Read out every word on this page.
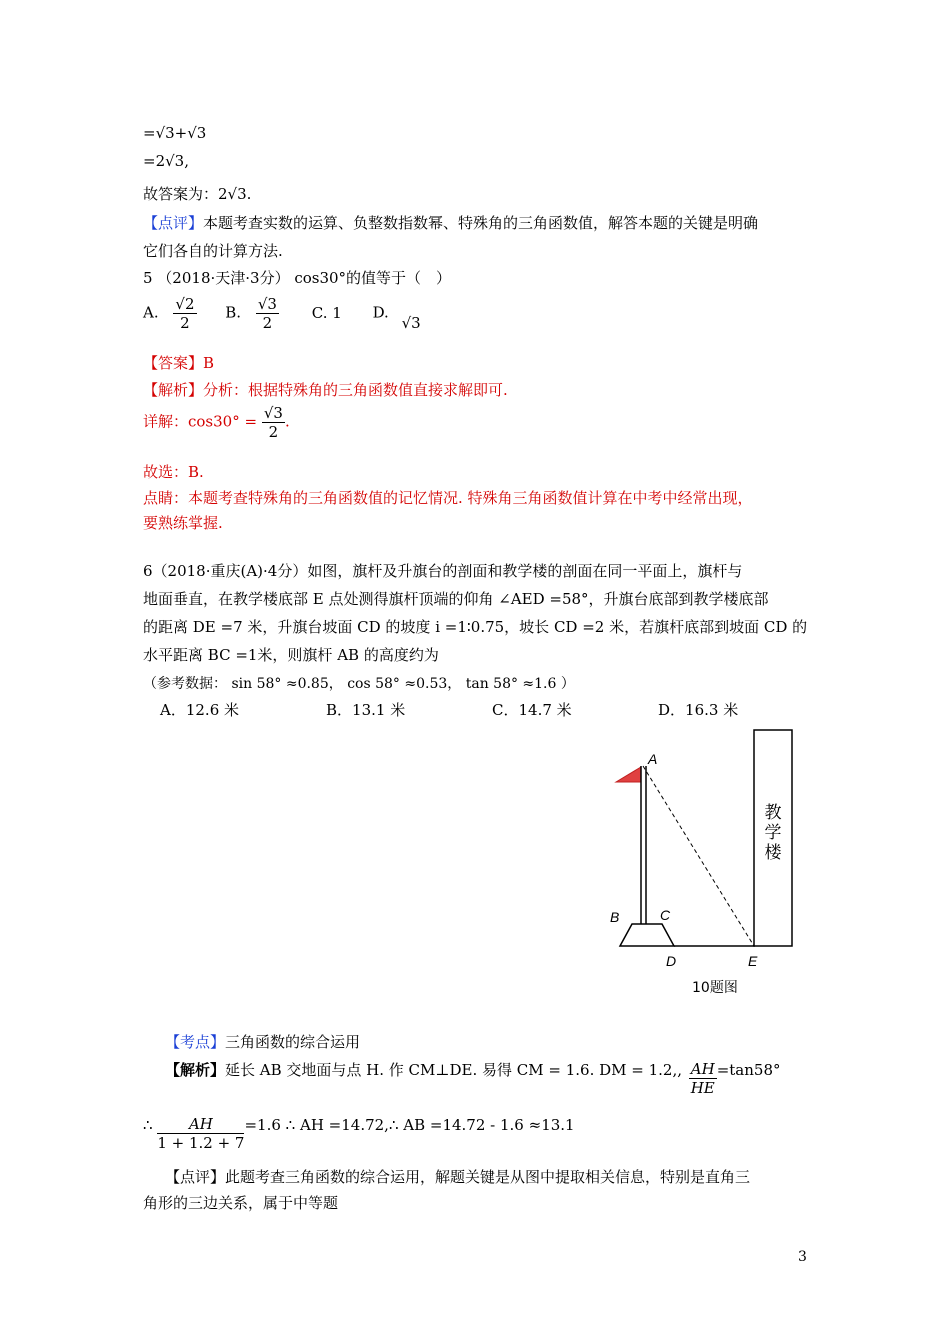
=√3+√3
=2√3,
故答案为：2√3.
【点评】本题考查实数的运算、负整数指数幂、特殊角的三角函数值，解答本题的关键是明确
它们各自的计算方法.
5 （2018·天津·3分） cos30°的值等于（　）
A. $\frac{√2}{2} B$. $\frac{√3}{2} C$. 1 D. √3
【答案】B
【解析】分析：根据特殊角的三角函数值直接求解即可.
详解：$\cos 30^\circ = \frac{√3}{2}$ .
故选：B.
点睛：本题考查特殊角的三角函数值的记忆情况. 特殊角三角函数值计算在中考中经常出现，
要熟练掌握.
6（2018·重庆(A)·4分）如图，旗杆及升旗台的剖面和教学楼的剖面在同一平面上，旗杆与
地面垂直，在教学楼底部 E 点处测得旗杆顶端的仰角 ∠AED =58°，升旗台底部到教学楼底部
的距离 DE =7 米，升旗台坡面 CD 的坡度 i =1∶0.75，坡长 CD =2 米，若旗杆底部到坡面 CD 的
水平距离 BC =1米，则旗杆 AB 的高度约为
（参考数据： sin 58° ≈0.85， cos 58° ≈0.53， tan 58° ≈1.6 ）
A．12.6 米	B．13.1 米	C．14.7 米	D．16.3 米
教
学
楼
A
B	C
D	E
10题图
【考点】三角函数的综合运用
【解析】延长 AB 交地面与点 H. 作 CM⊥DE. 易得 CM = 1.6. DM = 1.2,, $\frac{AH}{HE} =\tan 58^\circ$
∴ $\frac{AH}{1 + 1.2 + 7} =1.6$ ∴ AH =14.72,∴ AB =14.72 - 1.6 ≈13.1
【点评】此题考查三角函数的综合运用，解题关键是从图中提取相关信息，特别是直角三
角形的三边关系，属于中等题
3
